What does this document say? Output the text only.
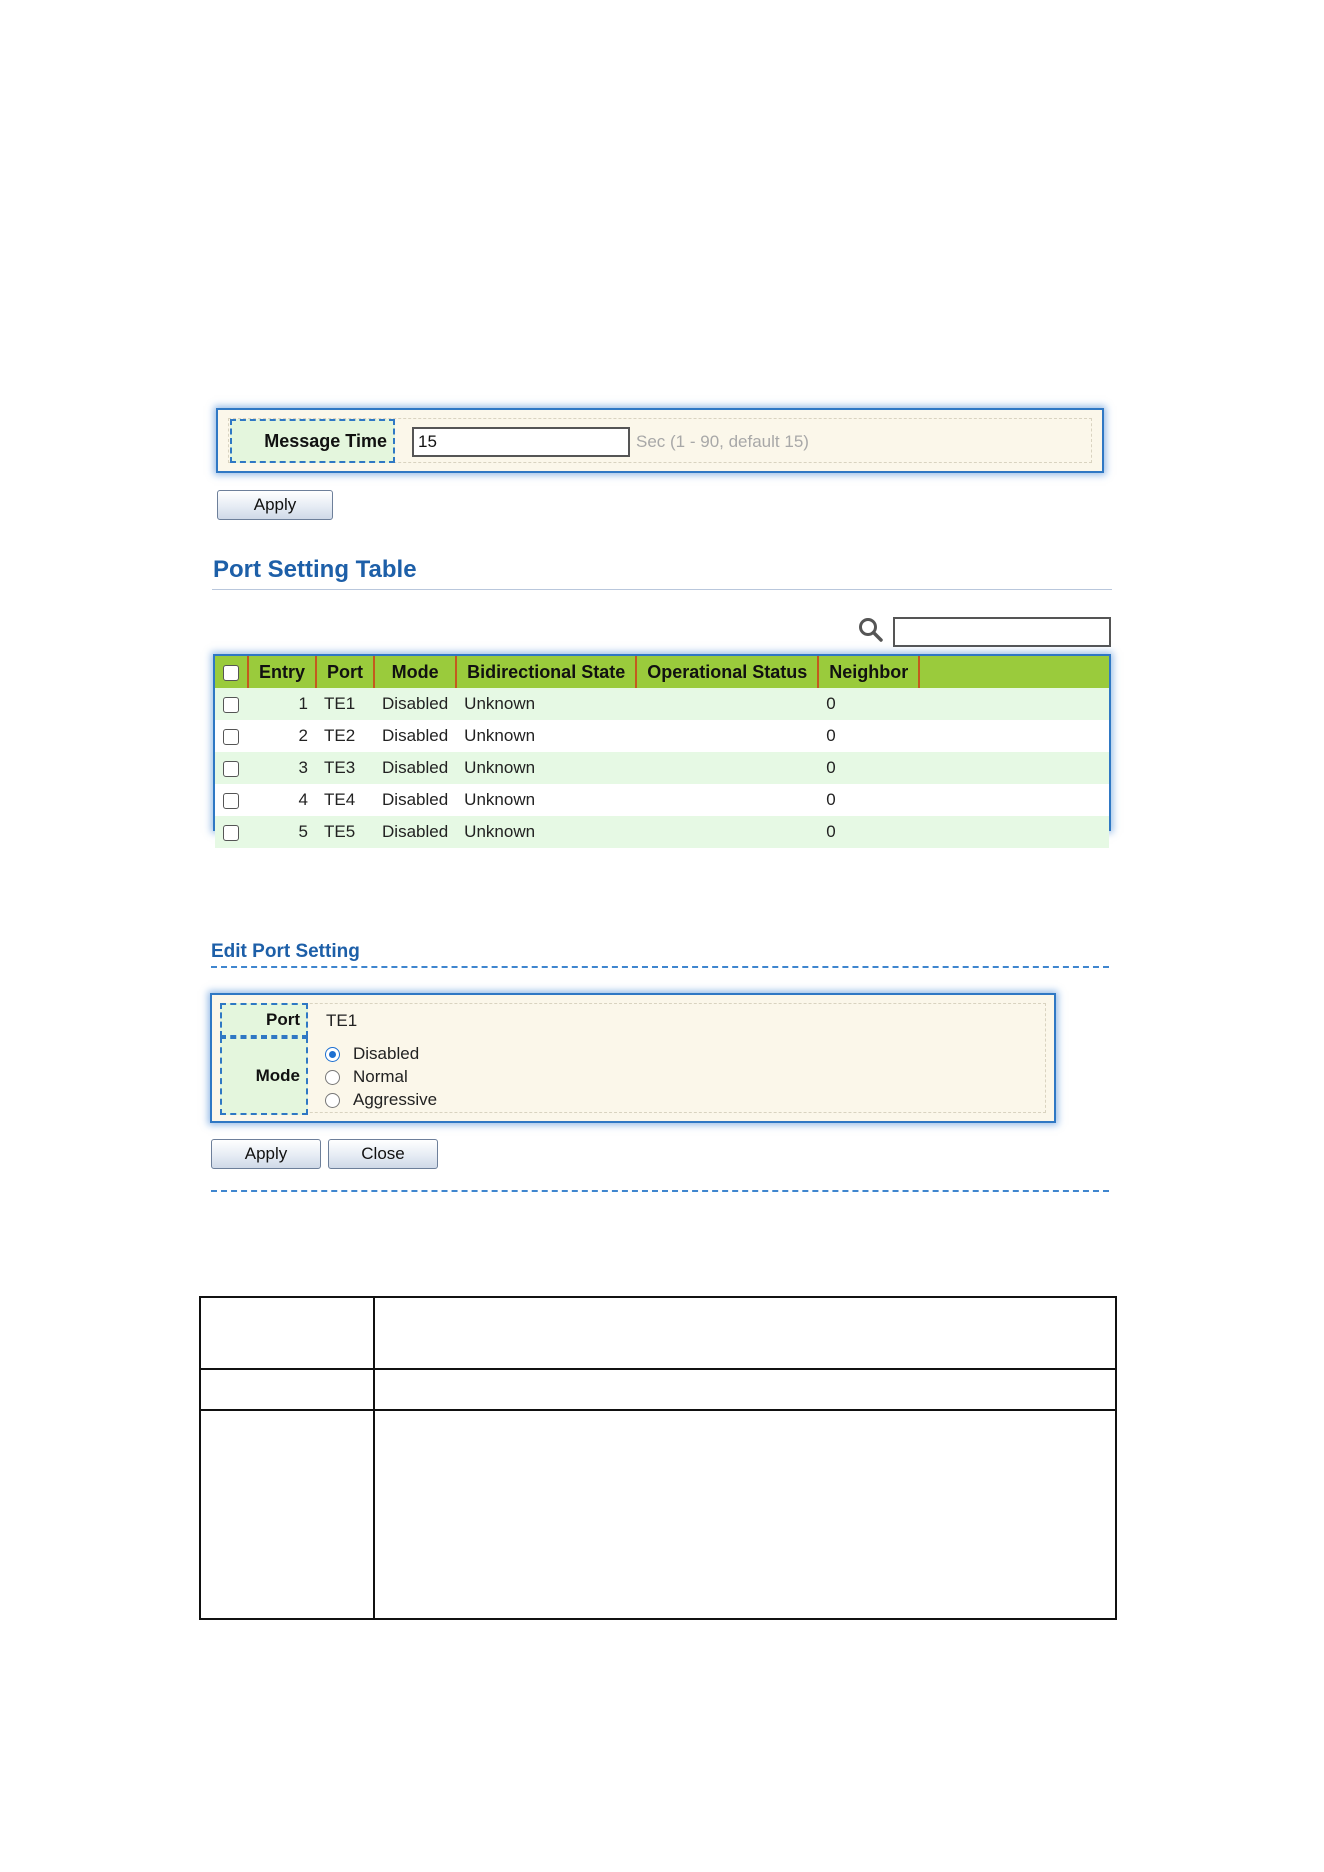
Message Time
15	Sec (1 - 90, default 15)
Apply
Port Setting Table
	Entry	Port	Mode	Bidirectional State	Operational Status	Neighbor	
	1	TE1	Disabled	Unknown		0	
	2	TE2	Disabled	Unknown		0	
	3	TE3	Disabled	Unknown		0	
	4	TE4	Disabled	Unknown		0	
	5	TE5	Disabled	Unknown		0	
Edit Port Setting
Port	TE1
Mode
Disabled
Normal
Aggressive
Apply	Close
